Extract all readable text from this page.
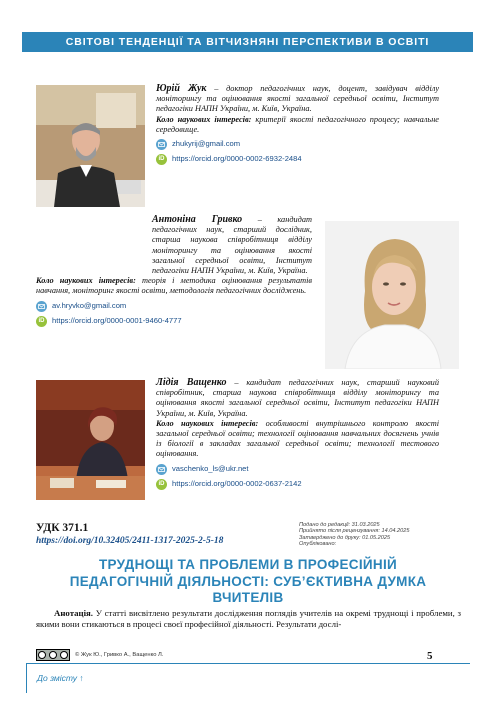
СВІТОВІ ТЕНДЕНЦІЇ ТА ВІТЧИЗНЯНІ ПЕРСПЕКТИВИ В ОСВІТІ

Юрій Жук – доктор педагогічних наук, доцент, завідувач відділу моніторингу та оцінювання якості загальної середньої освіти, Інститут педагогіки НАПН України, м. Київ, Україна.

Коло наукових інтересів: критерії якості педагогічного процесу; навчальне середовище.

zhukyrij@gmail.com
iD https://orcid.org/0000-0002-6932-2484

Антоніна Гривко – кандидат педагогічних наук, старший дослідник, старша наукова співробітниця відділу моніторингу та оцінювання якості загальної середньої освіти, Інститут педагогіки НАПН України, м. Київ, Україна.

Коло наукових інтересів: теорія і методика оцінювання результатів навчання, моніторинг якості освіти, методологія педагогічних досліджень.

av.hryvko@gmail.com
iD https://orcid.org/0000-0001-9460-4777

Лідія Ващенко – кандидат педагогічних наук, старший науковий співробітник, старша наукова співробітниця відділу моніторингу та оцінювання якості загальної середньої освіти, Інститут педагогіки НАПН України, м. Київ, Україна.

Коло наукових інтересів: особливості внутрішнього контролю якості загальної середньої освіти; технології оцінювання навчальних досягнень учнів із біології в закладах загальної середньої освіти; технології тестового оцінювання.

vaschenko_ls@ukr.net
iD https://orcid.org/0000-0002-0637-2142
УДК 371.1
https://doi.org/10.32405/2411-1317-2025-2-5-18
Подано до редакції: 31.03.2025
Прийнято після рецензування: 14.04.2025
Затверджено до друку: 01.05.2025
Опубліковано:
ТРУДНОЩІ ТА ПРОБЛЕМИ В ПРОФЕСІЙНІЙ
ПЕДАГОГІЧНІЙ ДІЯЛЬНОСТІ: СУБ’ЄКТИВНА ДУМКА
ВЧИТЕЛІВ
Анотація. У статті висвітлено результати дослідження поглядів учителів на окремі труднощі і проблеми, з якими вони стикаються в процесі своєї професійної діяльності. Результати дослі-
© Жук Ю., Гривко А., Ващенко Л.	5
До змісту ↑
